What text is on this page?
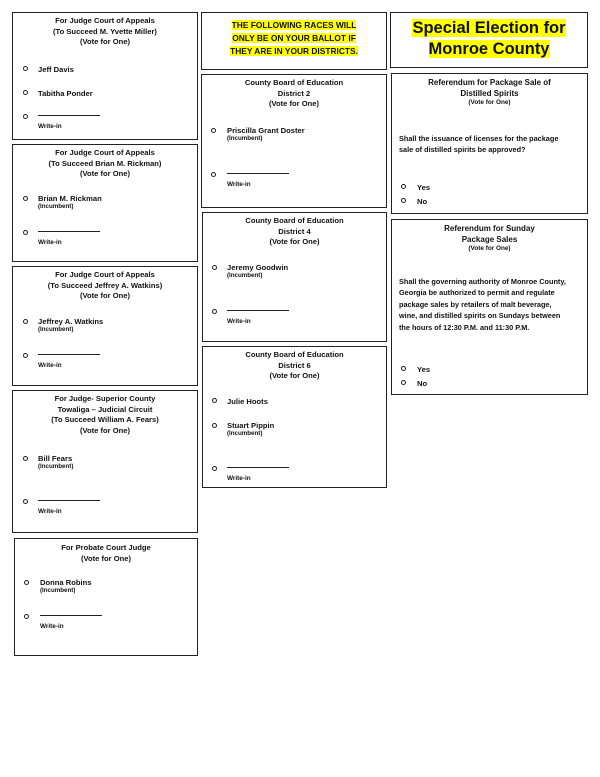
For Judge Court of Appeals
(To Succeed M. Yvette Miller)
(Vote for One)
Jeff Davis
Tabitha Ponder
Write-in
For Judge Court of Appeals
(To Succeed Brian M. Rickman)
(Vote for One)
Brian M. Rickman
(Incumbent)
Write-in
For Judge Court of Appeals
(To Succeed Jeffrey A. Watkins)
(Vote for One)
Jeffrey A. Watkins
(Incumbent)
Write-in
For Judge- Superior County
Towaliga – Judicial Circuit
(To Succeed William A. Fears)
(Vote for One)
Bill Fears
(Incumbent)
Write-in
For Probate Court Judge
(Vote for One)
Donna Robins
(Incumbent)
Write-in
THE FOLLOWING RACES WILL
ONLY BE ON YOUR BALLOT IF
THEY ARE IN YOUR DISTRICTS.
County Board of Education
District 2
(Vote for One)
Priscilla Grant Doster
(Incumbent)
Write-in
County Board of Education
District 4
(Vote for One)
Jeremy Goodwin
(Incumbent)
Write-in
County Board of Education
District 6
(Vote for One)
Julie Hoots
Stuart Pippin
(Incumbent)
Write-in
Special Election for
Monroe County
Referendum for Package Sale of
Distilled Spirits
(Vote for One)
Shall the issuance of licenses for the package
sale of distilled spirits be approved?
Yes
No
Referendum for Sunday
Package Sales
(Vote for One)
Shall the governing authority of Monroe County,
Georgia be authorized to permit and regulate
package sales by retailers of malt beverage,
wine, and distilled spirits on Sundays between
the hours of 12:30 P.M. and 11:30 P.M.
Yes
No
